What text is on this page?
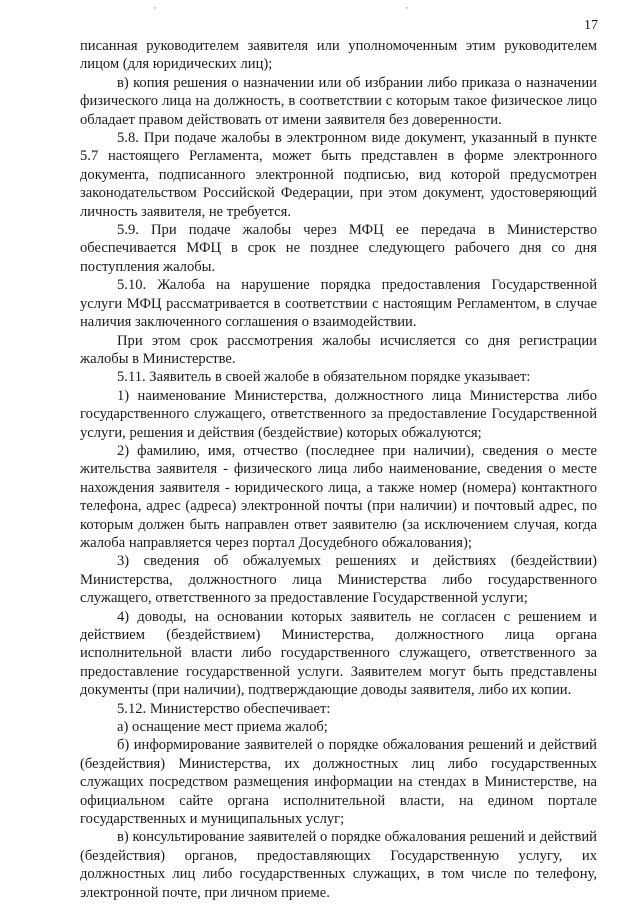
'	'
17

писанная руководителем заявителя или уполномоченным этим руководителем лицом (для юридических лиц);

в) копия решения о назначении или об избрании либо приказа о назначении физического лица на должность, в соответствии с которым такое физическое лицо обладает правом действовать от имени заявителя без доверенности.

5.8. При подаче жалобы в электронном виде документ, указанный в пункте 5.7 настоящего Регламента, может быть представлен в форме электронного документа, подписанного электронной подписью, вид которой предусмотрен законодательством Российской Федерации, при этом документ, удостоверяющий личность заявителя, не требуется.

5.9. При подаче жалобы через МФЦ ее передача в Министерство обеспечивается МФЦ в срок не позднее следующего рабочего дня со дня поступления жалобы.

5.10. Жалоба на нарушение порядка предоставления Государственной услуги МФЦ рассматривается в соответствии с настоящим Регламентом, в случае наличия заключенного соглашения о взаимодействии.

При этом срок рассмотрения жалобы исчисляется со дня регистрации жалобы в Министерстве.

5.11. Заявитель в своей жалобе в обязательном порядке указывает:

1) наименование Министерства, должностного лица Министерства либо государственного служащего, ответственного за предоставление Государственной услуги, решения и действия (бездействие) которых обжалуются;

2) фамилию, имя, отчество (последнее при наличии), сведения о месте жительства заявителя - физического лица либо наименование, сведения о месте нахождения заявителя - юридического лица, а также номер (номера) контактного телефона, адрес (адреса) электронной почты (при наличии) и почтовый адрес, по которым должен быть направлен ответ заявителю (за исключением случая, когда жалоба направляется через портал Досудебного обжалования);

3) сведения об обжалуемых решениях и действиях (бездействии) Министерства, должностного лица Министерства либо государственного служащего, ответственного за предоставление Государственной услуги;

4) доводы, на основании которых заявитель не согласен с решением и действием (бездействием) Министерства, должностного лица органа исполнительной власти либо государственного служащего, ответственного за предоставление государственной услуги. Заявителем могут быть представлены документы (при наличии), подтверждающие доводы заявителя, либо их копии.

5.12. Министерство обеспечивает:

а) оснащение мест приема жалоб;

б) информирование заявителей о порядке обжалования решений и действий (бездействия) Министерства, их должностных лиц либо государственных служащих посредством размещения информации на стендах в Министерстве, на официальном сайте органа исполнительной власти, на едином портале государственных и муниципальных услуг;

в) консультирование заявителей о порядке обжалования решений и действий (бездействия) органов, предоставляющих Государственную услугу, их должностных лиц либо государственных служащих, в том числе по телефону, электронной почте, при личном приеме.
